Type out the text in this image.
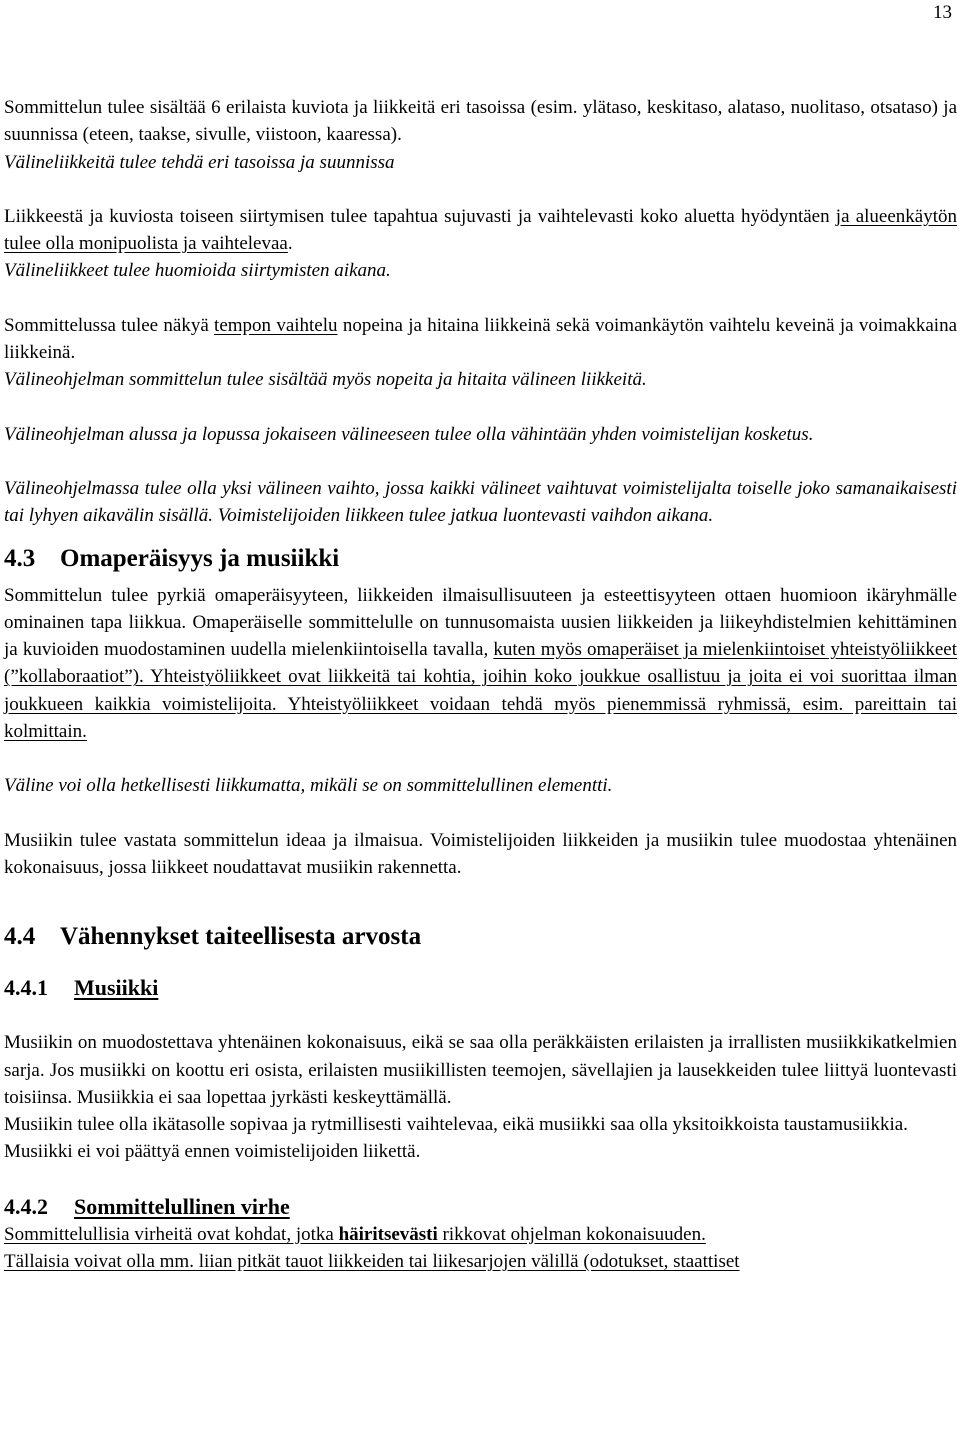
13

Sommittelun tulee sisältää 6 erilaista kuviota ja liikkeitä eri tasoissa (esim. ylätaso, keskitaso, alataso, nuolitaso, otsataso) ja suunnissa (eteen, taakse, sivulle, viistoon, kaaressa).
Välineliikkeitä tulee tehdä eri tasoissa ja suunnissa

Liikkeestä ja kuviosta toiseen siirtymisen tulee tapahtua sujuvasti ja vaihtelevasti koko aluetta hyödyntäen ja alueenkäytön tulee olla monipuolista ja vaihtelevaa.
Välineliikkeet tulee huomioida siirtymisten aikana.

Sommittelussa tulee näkyä tempon vaihtelu nopeina ja hitaina liikkeinä sekä voimankäytön vaihtelu keveinä ja voimakkaina liikkeinä.
Välineohjelman sommittelun tulee sisältää myös nopeita ja hitaita välineen liikkeitä.

Välineohjelman alussa ja lopussa jokaiseen välineeseen tulee olla vähintään yhden voimistelijan kosketus.

Välineohjelmassa tulee olla yksi välineen vaihto, jossa kaikki välineet vaihtuvat voimistelijalta toiselle joko samanaikaisesti tai lyhyen aikavälin sisällä. Voimistelijoiden liikkeen tulee jatkua luontevasti vaihdon aikana.

4.3 Omaperäisyys ja musiikki

Sommittelun tulee pyrkiä omaperäisyyteen, liikkeiden ilmaisullisuuteen ja esteettisyyteen ottaen huomioon ikäryhmälle ominainen tapa liikkua. Omaperäiselle sommittelulle on tunnusomaista uusien liikkeiden ja liikeyhdistelmien kehittäminen ja kuvioiden muodostaminen uudella mielenkiintoisella tavalla, kuten myös omaperäiset ja mielenkiintoiset yhteistyöliikkeet (”kollaboraatiot”). Yhteistyöliikkeet ovat liikkeitä tai kohtia, joihin koko joukkue osallistuu ja joita ei voi suorittaa ilman joukkueen kaikkia voimistelijoita. Yhteistyöliikkeet voidaan tehdä myös pienemmissä ryhmissä, esim. pareittain tai kolmittain.

Väline voi olla hetkellisesti liikkumatta, mikäli se on sommittelullinen elementti.

Musiikin tulee vastata sommittelun ideaa ja ilmaisua. Voimistelijoiden liikkeiden ja musiikin tulee muodostaa yhtenäinen kokonaisuus, jossa liikkeet noudattavat musiikin rakennetta.

4.4 Vähennykset taiteellisesta arvosta
4.4.1 Musiikki

Musiikin on muodostettava yhtenäinen kokonaisuus, eikä se saa olla peräkkäisten erilaisten ja irrallisten musiikkikatkelmien sarja. Jos musiikki on koottu eri osista, erilaisten musiikillisten teemojen, sävellajien ja lausekkeiden tulee liittyä luontevasti toisiinsa. Musiikkia ei saa lopettaa jyrkästi keskeyttämällä.

Musiikin tulee olla ikätasolle sopivaa ja rytmillisesti vaihtelevaa, eikä musiikki saa olla yksitoikkoista taustamusiikkia.

Musiikki ei voi päättyä ennen voimistelijoiden liikettä.

4.4.2 Sommittelullinen virhe

Sommittelullisia virheitä ovat kohdat, jotka häiritsevästi rikkovat ohjelman kokonaisuuden.

Tällaisia voivat olla mm. liian pitkät tauot liikkeiden tai liikesarjojen välillä (odotukset, staattiset
